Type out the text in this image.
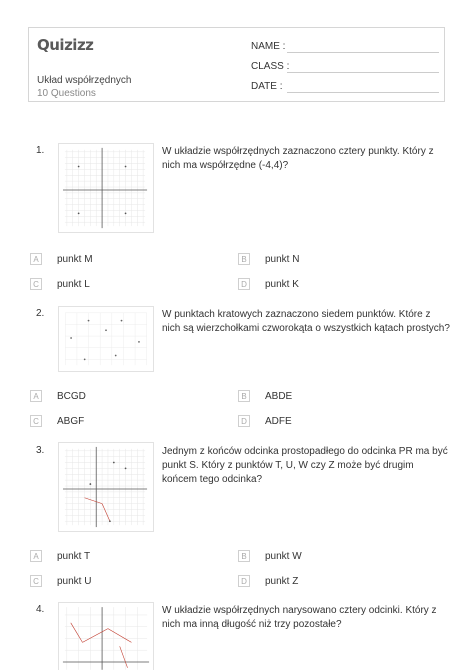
Quizizz
Układ współrzędnych
10 Questions
NAME :
CLASS :
DATE :
1.	W układzie współrzędnych zaznaczono cztery punkty. Który z nich ma współrzędne (-4,4)?
A	punkt M	B	punkt N
C	punkt L	D	punkt K
2.	W punktach kratowych zaznaczono siedem punktów. Które z nich są wierzchołkami czworokąta o wszystkich kątach prostych?
A	BCGD	B	ABDE
C	ABGF	D	ADFE
3.	Jednym z końców odcinka prostopadłego do odcinka PR ma być punkt S. Który z punktów T, U, W czy Z może być drugim końcem tego odcinka?
A	punkt T	B	punkt W
C	punkt U	D	punkt Z
4.	W układzie współrzędnych narysowano cztery odcinki. Który z nich ma inną długość niż trzy pozostałe?
